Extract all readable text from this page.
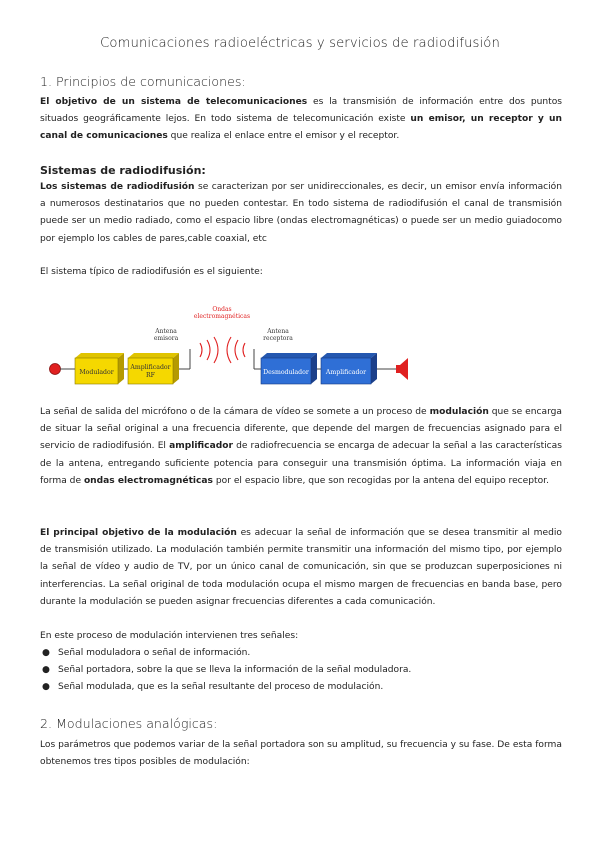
Comunicaciones radioeléctricas y servicios de radiodifusión
1. Principios de comunicaciones:
El objetivo de un sistema de telecomunicaciones es la transmisión de información entre dos puntos situados geográficamente lejos. En todo sistema de telecomunicación existe un emisor, un receptor y un canal de comunicaciones que realiza el enlace entre el emisor y el receptor.
Sistemas de radiodifusión:
Los sistemas de radiodifusión se caracterizan por ser unidireccionales, es decir, un emisor envía información a numerosos destinatarios que no pueden contestar. En todo sistema de radiodifusión el canal de transmisión puede ser un medio radiado, como el espacio libre (ondas electromagnéticas) o puede ser un medio guiadocomo por ejemplo los cables de pares,cable coaxial, etc
El sistema típico de radiodifusión es el siguiente:
Modulador
Amplificador
RF
Antena
emisora
Ondas
electromagnéticas
Antena
receptora
Desmodulador	Amplificador
La señal de salida del micrófono o de la cámara de vídeo se somete a un proceso de modulación que se encarga de situar la señal original a una frecuencia diferente, que depende del margen de frecuencias asignado para el servicio de radiodifusión. El amplificador de radiofrecuencia se encarga de adecuar la señal a las características de la antena, entregando suficiente potencia para conseguir una transmisión óptima. La información viaja en forma de ondas electromagnéticas por el espacio libre, que son recogidas por la antena del equipo receptor.
El principal objetivo de la modulación es adecuar la señal de información que se desea transmitir al medio de transmisión utilizado. La modulación también permite transmitir una información del mismo tipo, por ejemplo la señal de vídeo y audio de TV, por un único canal de comunicación, sin que se produzcan superposiciones ni interferencias. La señal original de toda modulación ocupa el mismo margen de frecuencias en banda base, pero durante la modulación se pueden asignar frecuencias diferentes a cada comunicación.
En este proceso de modulación intervienen tres señales:
● Señal moduladora o señal de información.
● Señal portadora, sobre la que se lleva la información de la señal moduladora.
● Señal modulada, que es la señal resultante del proceso de modulación.
2. Modulaciones analógicas:
Los parámetros que podemos variar de la señal portadora son su amplitud, su frecuencia y su fase. De esta forma obtenemos tres tipos posibles de modulación:
